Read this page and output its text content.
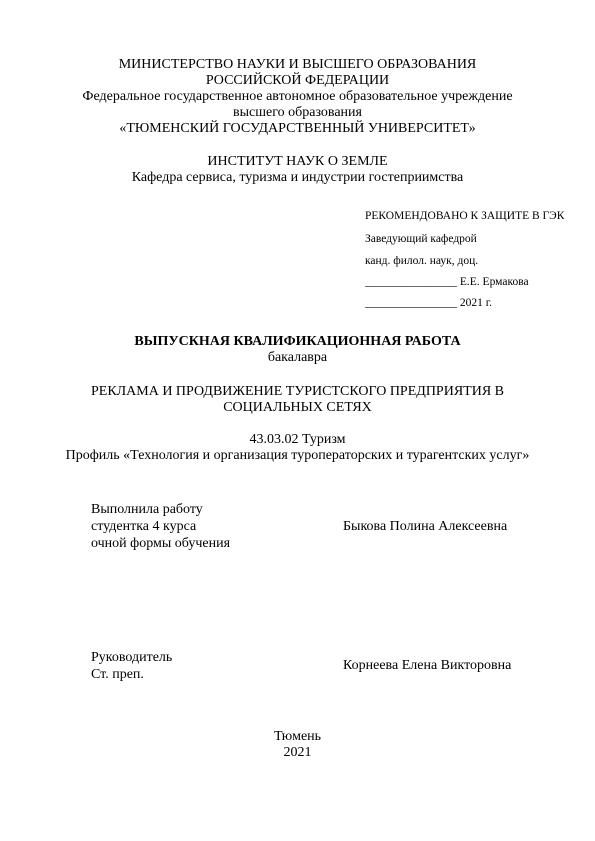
МИНИСТЕРСТВО НАУКИ И ВЫСШЕГО ОБРАЗОВАНИЯ
РОССИЙСКОЙ ФЕДЕРАЦИИ
Федеральное государственное автономное образовательное учреждение
высшего образования
«ТЮМЕНСКИЙ ГОСУДАРСТВЕННЫЙ УНИВЕРСИТЕТ»
ИНСТИТУТ НАУК О ЗЕМЛЕ
Кафедра сервиса, туризма и индустрии гостеприимства
РЕКОМЕНДОВАНО К ЗАЩИТЕ В ГЭК
Заведующий кафедрой
канд. филол. наук, доц.
________________ Е.Е. Ермакова
________________ 2021 г.
ВЫПУСКНАЯ КВАЛИФИКАЦИОННАЯ РАБОТА
бакалавра
РЕКЛАМА И ПРОДВИЖЕНИЕ ТУРИСТСКОГО ПРЕДПРИЯТИЯ В
СОЦИАЛЬНЫХ СЕТЯХ
43.03.02 Туризм
Профиль «Технология и организация туроператорских и турагентских услуг»
Выполнила работу
студентка 4 курса
очной формы обучения
Быкова Полина Алексеевна
Руководитель
Ст. преп.
Корнеева Елена Викторовна
Тюмень
2021
